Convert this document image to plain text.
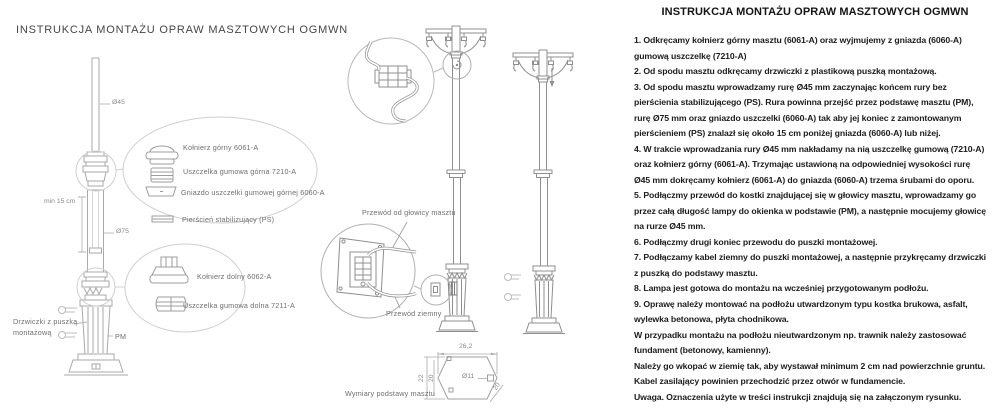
INSTRUKCJA MONTAŻU OPRAW MASZTOWYCH OGMWN
Ø45
min 15 cm
Ø75
Kołnierz górny 6061-A
Uszczelka gumowa górna 7210-A
Gniazdo uszczelki gumowej górnej 6060-A
Pierścień stabilizujący (PS)
Kołnierz dolny 6062-A
Uszczelka gumowa dolna 7211-A
Drzwiczki z puszką
montażową	PM
Przewód od głowicy masztu
Przewód ziemny
Wymiary podstawy masztu
26,2
22 20	Ø11
20
INSTRUKCJA MONTAŻU OPRAW MASZTOWYCH OGMWN

1. Odkręcamy kołnierz górny masztu (6061-A) oraz wyjmujemy z gniazda (6060-A) gumową uszczelkę (7210-A)

2. Od spodu masztu odkręcamy drzwiczki z plastikową puszką montażową.

3. Od spodu masztu wprowadzamy rurę Ø45 mm zaczynając końcem rury bez pierścienia stabilizującego (PS). Rura powinna przejść przez podstawę masztu (PM), rurę Ø75 mm oraz gniazdo uszczelki (6060-A) tak aby jej koniec z zamontowanym pierścieniem (PS) znalazł się około 15 cm poniżej gniazda (6060-A) lub niżej.

4. W trakcie wprowadzania rury Ø45 mm nakładamy na nią uszczelkę gumową (7210-A) oraz kołnierz górny (6061-A). Trzymając ustawioną na odpowiedniej wysokości rurę Ø45 mm dokręcamy kołnierz (6061-A) do gniazda (6060-A) trzema śrubami do oporu.

5. Podłączmy przewód do kostki znajdującej się w głowicy masztu, wprowadzamy go przez całą długość lampy do okienka w podstawie (PM), a następnie mocujemy głowicę na rurze Ø45 mm.

6. Podłączmy drugi koniec przewodu do puszki montażowej.

7. Podłączamy kabel ziemny do puszki montażowej, a następnie przykręcamy drzwiczki z puszką do podstawy masztu.

8. Lampa jest gotowa do montażu na wcześniej przygotowanym podłożu.

9. Oprawę należy montować na podłożu utwardzonym typu kostka brukowa, asfalt, wylewka betonowa, płyta chodnikowa.

W przypadku montażu na podłożu nieutwardzonym np. trawnik należy zastosować fundament (betonowy, kamienny).

Należy go wkopać w ziemię tak, aby wystawał minimum 2 cm nad powierzchnie gruntu.

Kabel zasilający powinien przechodzić przez otwór w fundamencie.

Uwaga. Oznaczenia użyte w treści instrukcji znajdują się na załączonym rysunku.
